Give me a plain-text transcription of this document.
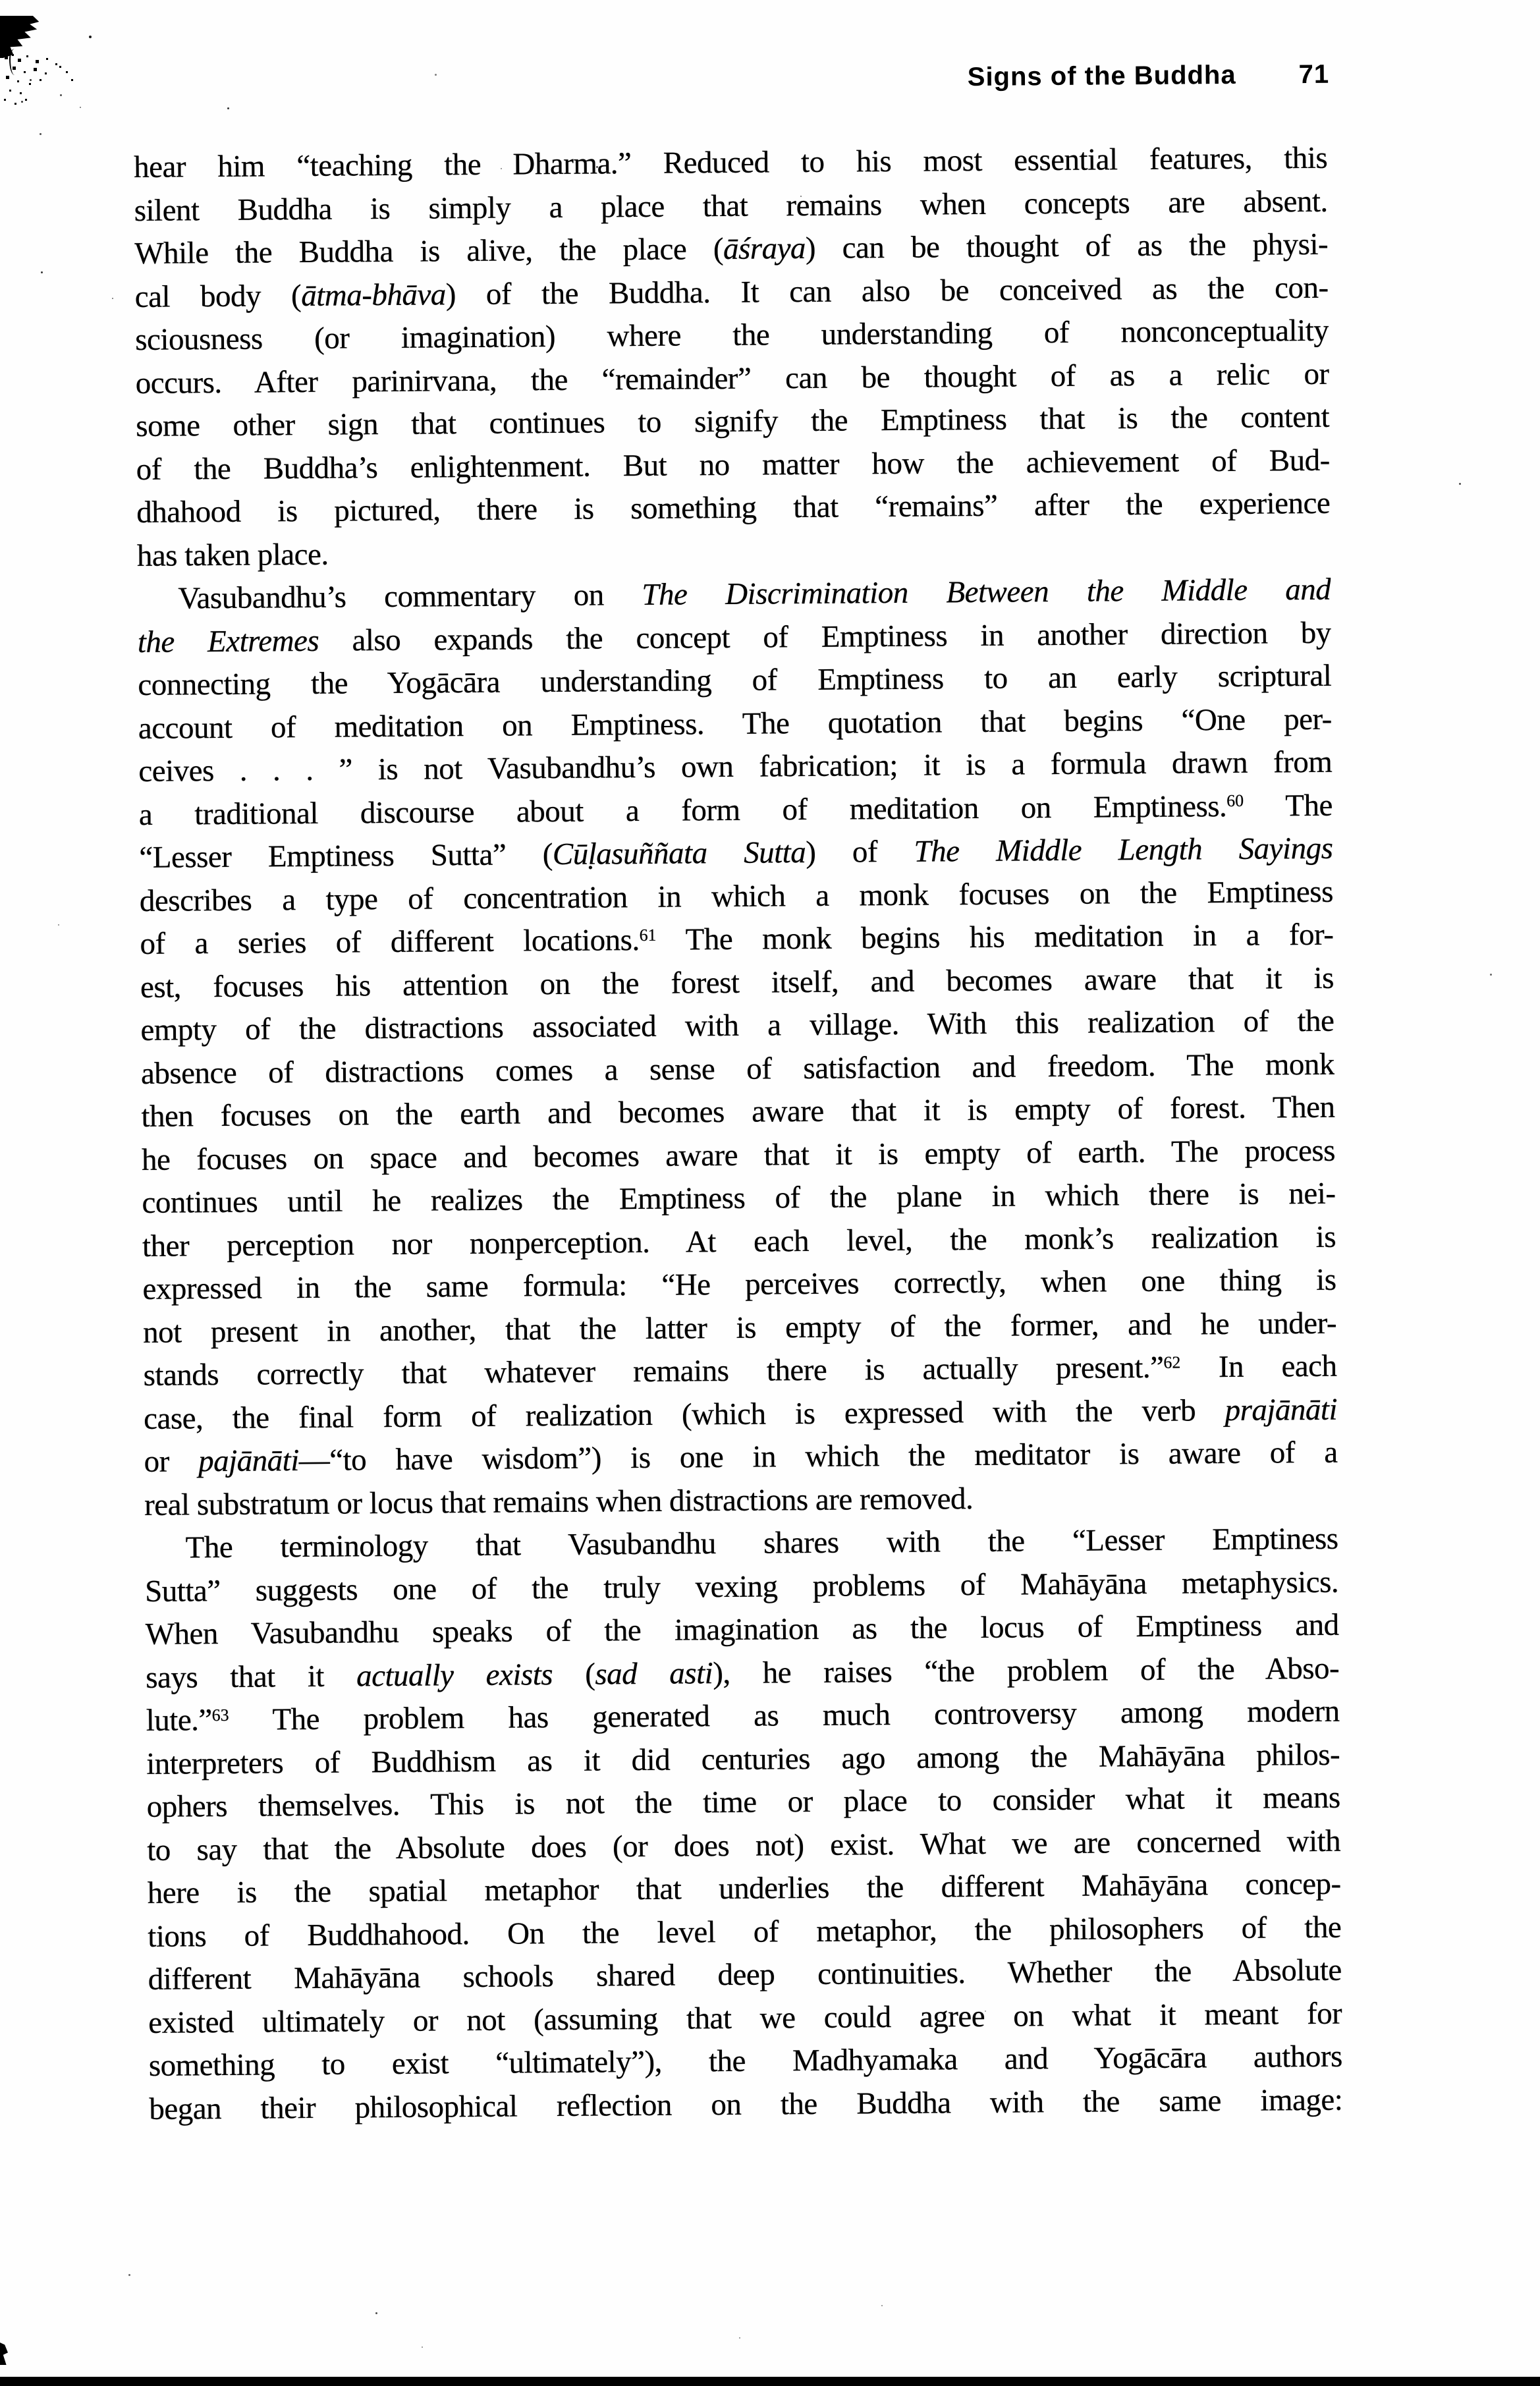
Signs of the Buddha 71
hear him “teaching the Dharma.” Reduced to his most essential features, this
silent Buddha is simply a place that remains when concepts are absent.
While the Buddha is alive, the place (āśraya) can be thought of as the physi-
cal body (ātma-bhāva) of the Buddha. It can also be conceived as the con-
sciousness (or imagination) where the understanding of nonconceptuality
occurs. After parinirvana, the “remainder” can be thought of as a relic or
some other sign that continues to signify the Emptiness that is the content
of the Buddha’s enlightenment. But no matter how the achievement of Bud-
dhahood is pictured, there is something that “remains” after the experience
has taken place.
Vasubandhu’s commentary on The Discrimination Between the Middle and
the Extremes also expands the concept of Emptiness in another direction by
connecting the Yogācāra understanding of Emptiness to an early scriptural
account of meditation on Emptiness. The quotation that begins “One per-
ceives . . . ” is not Vasubandhu’s own fabrication; it is a formula drawn from
a traditional discourse about a form of meditation on Emptiness.$^{60}$ The
“Lesser Emptiness Sutta” (Cūḷasuññata Sutta) of The Middle Length Sayings
describes a type of concentration in which a monk focuses on the Emptiness
of a series of different locations.$^{61}$ The monk begins his meditation in a for-
est, focuses his attention on the forest itself, and becomes aware that it is
empty of the distractions associated with a village. With this realization of the
absence of distractions comes a sense of satisfaction and freedom. The monk
then focuses on the earth and becomes aware that it is empty of forest. Then
he focuses on space and becomes aware that it is empty of earth. The process
continues until he realizes the Emptiness of the plane in which there is nei-
ther perception nor nonperception. At each level, the monk’s realization is
expressed in the same formula: “He perceives correctly, when one thing is
not present in another, that the latter is empty of the former, and he under-
stands correctly that whatever remains there is actually present.”$^{62}$ In each
case, the final form of realization (which is expressed with the verb prajānāti
or pajānāti—“to have wisdom”) is one in which the meditator is aware of a
real substratum or locus that remains when distractions are removed.
The terminology that Vasubandhu shares with the “Lesser Emptiness
Sutta” suggests one of the truly vexing problems of Mahāyāna metaphysics.
When Vasubandhu speaks of the imagination as the locus of Emptiness and
says that it actually exists (sad asti), he raises “the problem of the Abso-
lute.”$^{63}$ The problem has generated as much controversy among modern
interpreters of Buddhism as it did centuries ago among the Mahāyāna philos-
ophers themselves. This is not the time or place to consider what it means
to say that the Absolute does (or does not) exist. What we are concerned with
here is the spatial metaphor that underlies the different Mahāyāna concep-
tions of Buddhahood. On the level of metaphor, the philosophers of the
different Mahāyāna schools shared deep continuities. Whether the Absolute
existed ultimately or not (assuming that we could agree on what it meant for
something to exist “ultimately”), the Madhyamaka and Yogācāra authors
began their philosophical reflection on the Buddha with the same image:
